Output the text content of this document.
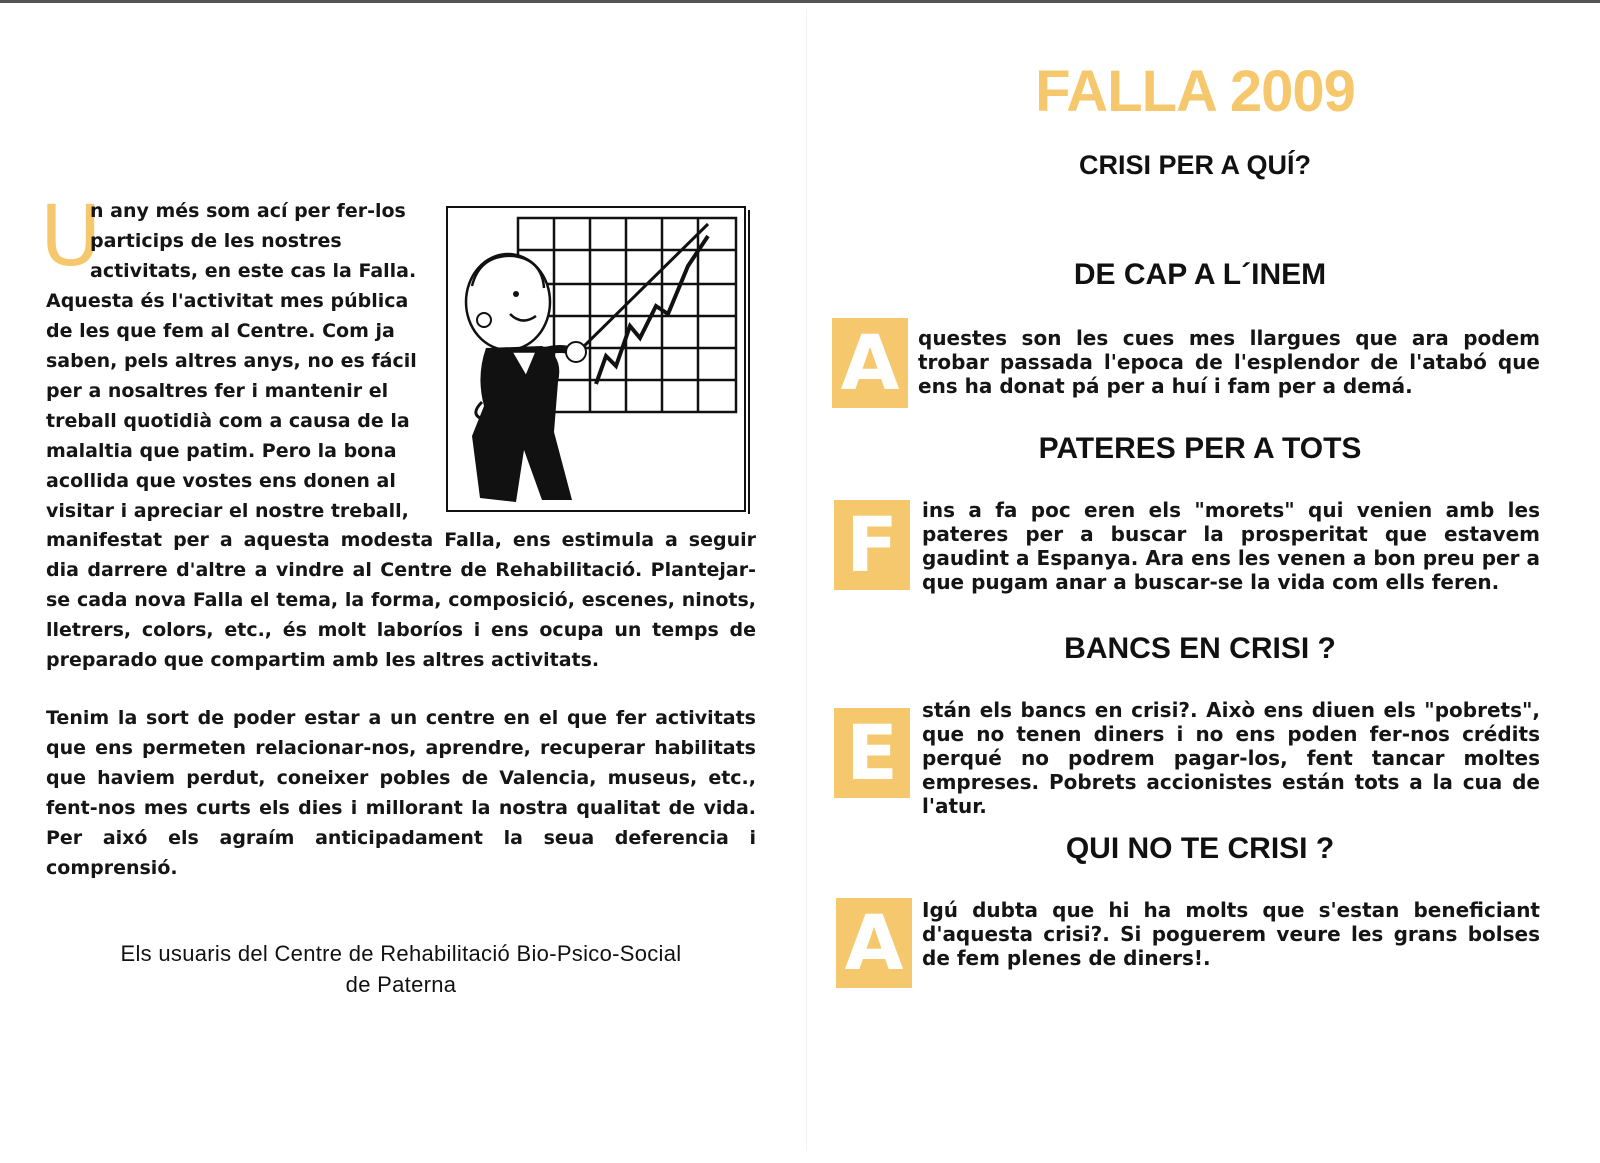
U
n any més som ací per fer-los particips de les nostres activitats, en este cas la Falla. Aquesta és l'activitat mes pública de les que fem al Centre. Com ja saben, pels altres anys, no es fácil per a nosaltres fer i mantenir el treball quotidià com a causa de la malaltia que patim. Pero la bona acollida que vostes ens donen al visitar i apreciar el nostre treball,

manifestat per a aquesta modesta Falla, ens estimula a seguir dia darrere d'altre a vindre al Centre de Rehabilitació. Plantejar-se cada nova Falla el tema, la forma, composició, escenes, ninots, lletrers, colors, etc., és molt laboríos i ens ocupa un temps de preparado que compartim amb les altres activitats.

Tenim la sort de poder estar a un centre en el que fer activitats que ens permeten relacionar-nos, aprendre, recuperar habilitats que haviem perdut, coneixer pobles de Valencia, museus, etc., fent-nos mes curts els dies i millorant la nostra qualitat de vida. Per aixó els agraím anticipadament la seua deferencia i comprensió.

Els usuaris del Centre de Rehabilitació Bio-Psico-Social
de Paterna
FALLA 2009
CRISI PER A QUÍ?
DE CAP A L´INEM
A questes son les cues mes llargues que ara podem trobar passada l'epoca de l'esplendor de l'atabó que ens ha donat pá per a huí i fam per a demá.
PATERES PER A TOTS
F	ins a fa poc eren els "morets" qui venien amb les pateres per a buscar la prosperitat que estavem gaudint a Espanya. Ara ens les venen a bon preu per a que pugam anar a buscar-se la vida com ells feren.
BANCS EN CRISI ?
E	stán els bancs en crisi?. Això ens diuen els "pobrets", que no tenen diners i no ens poden fer-nos crédits perqué no podrem pagar-los, fent tancar moltes empreses. Pobrets accionistes están tots a la cua de l'atur.
QUI NO TE CRISI ?
A Igú dubta que hi ha molts que s'estan beneficiant d'aquesta crisi?. Si poguerem veure les grans bolses de fem plenes de diners!.
